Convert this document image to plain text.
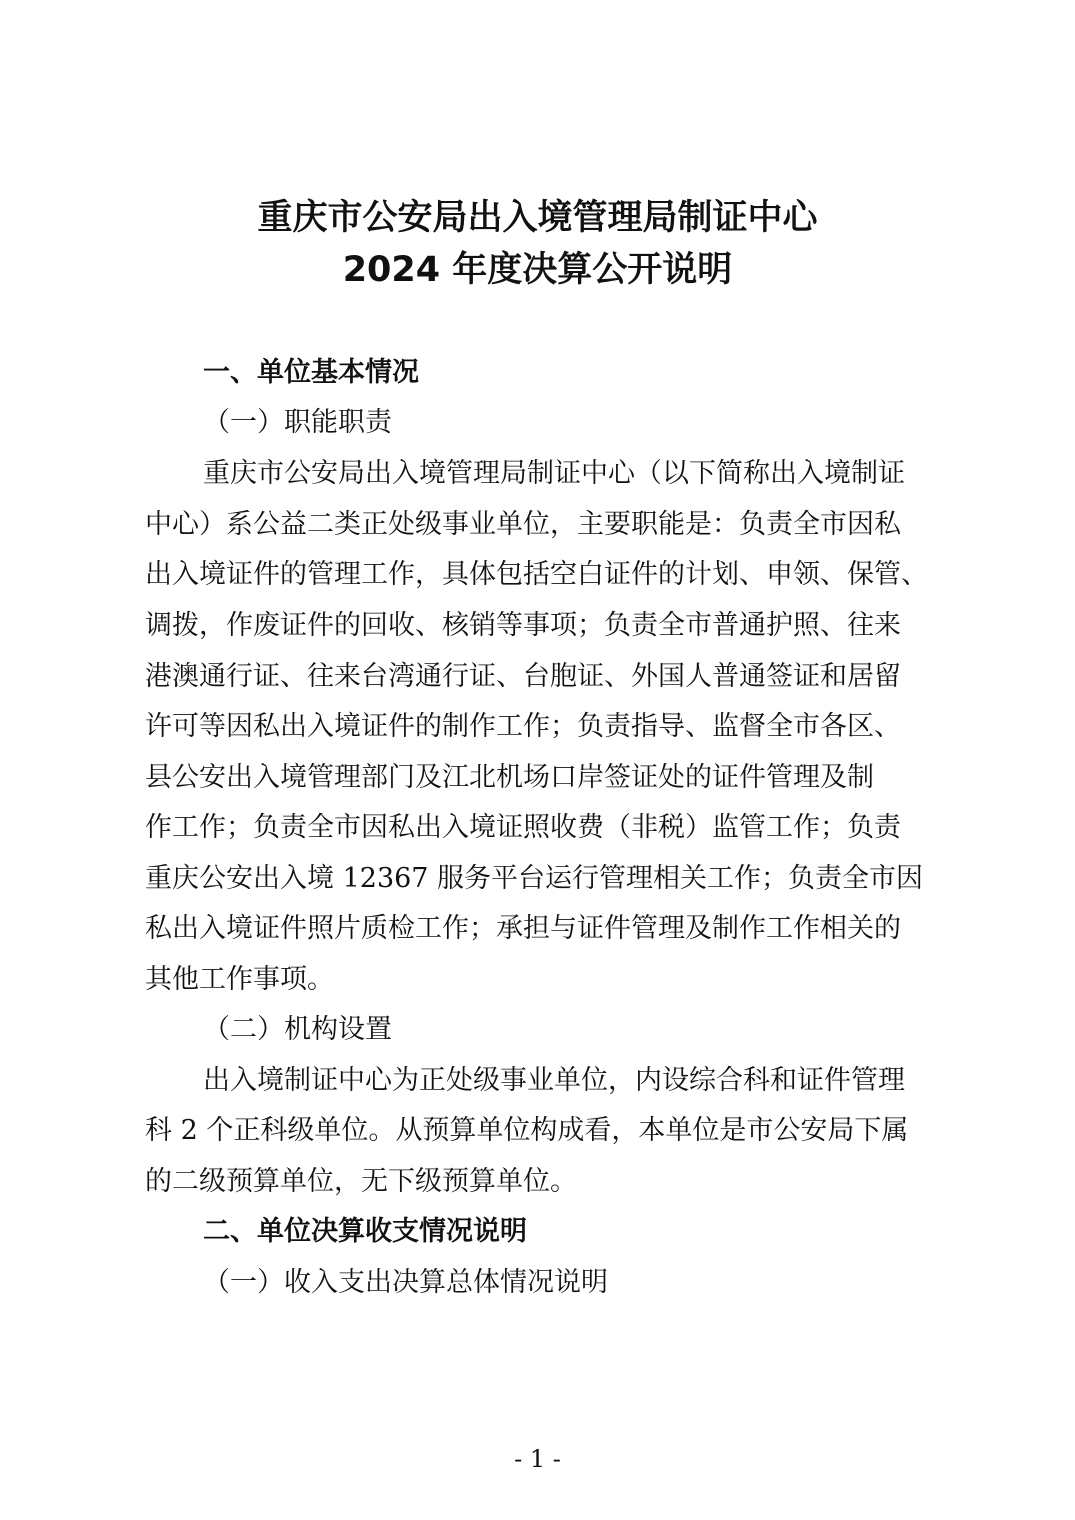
重庆市公安局出入境管理局制证中心
2024 年度决算公开说明
一、单位基本情况
（一）职能职责
重庆市公安局出入境管理局制证中心（以下简称出入境制证
中心）系公益二类正处级事业单位，主要职能是：负责全市因私
出入境证件的管理工作，具体包括空白证件的计划、申领、保管、
调拨，作废证件的回收、核销等事项；负责全市普通护照、往来
港澳通行证、往来台湾通行证、台胞证、外国人普通签证和居留
许可等因私出入境证件的制作工作；负责指导、监督全市各区、
县公安出入境管理部门及江北机场口岸签证处的证件管理及制
作工作；负责全市因私出入境证照收费（非税）监管工作；负责
重庆公安出入境 12367 服务平台运行管理相关工作；负责全市因
私出入境证件照片质检工作；承担与证件管理及制作工作相关的
其他工作事项。
（二）机构设置
出入境制证中心为正处级事业单位，内设综合科和证件管理
科 2 个正科级单位。从预算单位构成看，本单位是市公安局下属
的二级预算单位，无下级预算单位。
二、单位决算收支情况说明
（一）收入支出决算总体情况说明
- 1 -
